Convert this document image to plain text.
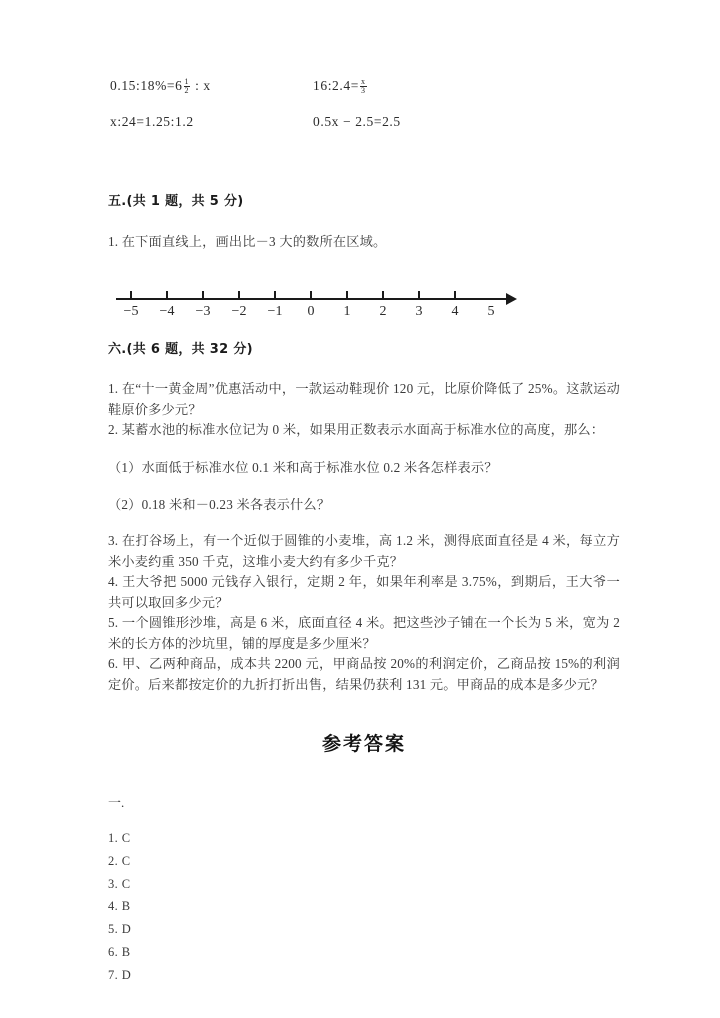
0.15:18%=6 $\frac{1}{2}$ : x	16:2.4= $\frac{x}{3}$
x:24=1.25:1.2	0.5x − 2.5=2.5
五.(共 1 题，共 5 分)
1. 在下面直线上，画出比－3 大的数所在区域。
−5 −4 −3 −2 −1 0 1 2 3 4 5
六.(共 6 题，共 32 分)
1. 在“十一黄金周”优惠活动中，一款运动鞋现价 120 元，比原价降低了 25%。这款运动鞋原价多少元？
2. 某蓄水池的标准水位记为 0 米，如果用正数表示水面高于标准水位的高度，那么：
（1）水面低于标准水位 0.1 米和高于标准水位 0.2 米各怎样表示？
（2）0.18 米和－0.23 米各表示什么？
3. 在打谷场上，有一个近似于圆锥的小麦堆，高 1.2 米，测得底面直径是 4 米，每立方米小麦约重 350 千克，这堆小麦大约有多少千克？
4. 王大爷把 5000 元钱存入银行，定期 2 年，如果年利率是 3.75%，到期后，王大爷一共可以取回多少元？
5. 一个圆锥形沙堆，高是 6 米，底面直径 4 米。把这些沙子铺在一个长为 5 米，宽为 2 米的长方体的沙坑里，铺的厚度是多少厘米？
6. 甲、乙两种商品，成本共 2200 元，甲商品按 20%的利润定价，乙商品按 15%的利润定价。后来都按定价的九折打折出售，结果仍获利 131 元。甲商品的成本是多少元？
参考答案
一.
1. C
2. C
3. C
4. B
5. D
6. B
7. D
